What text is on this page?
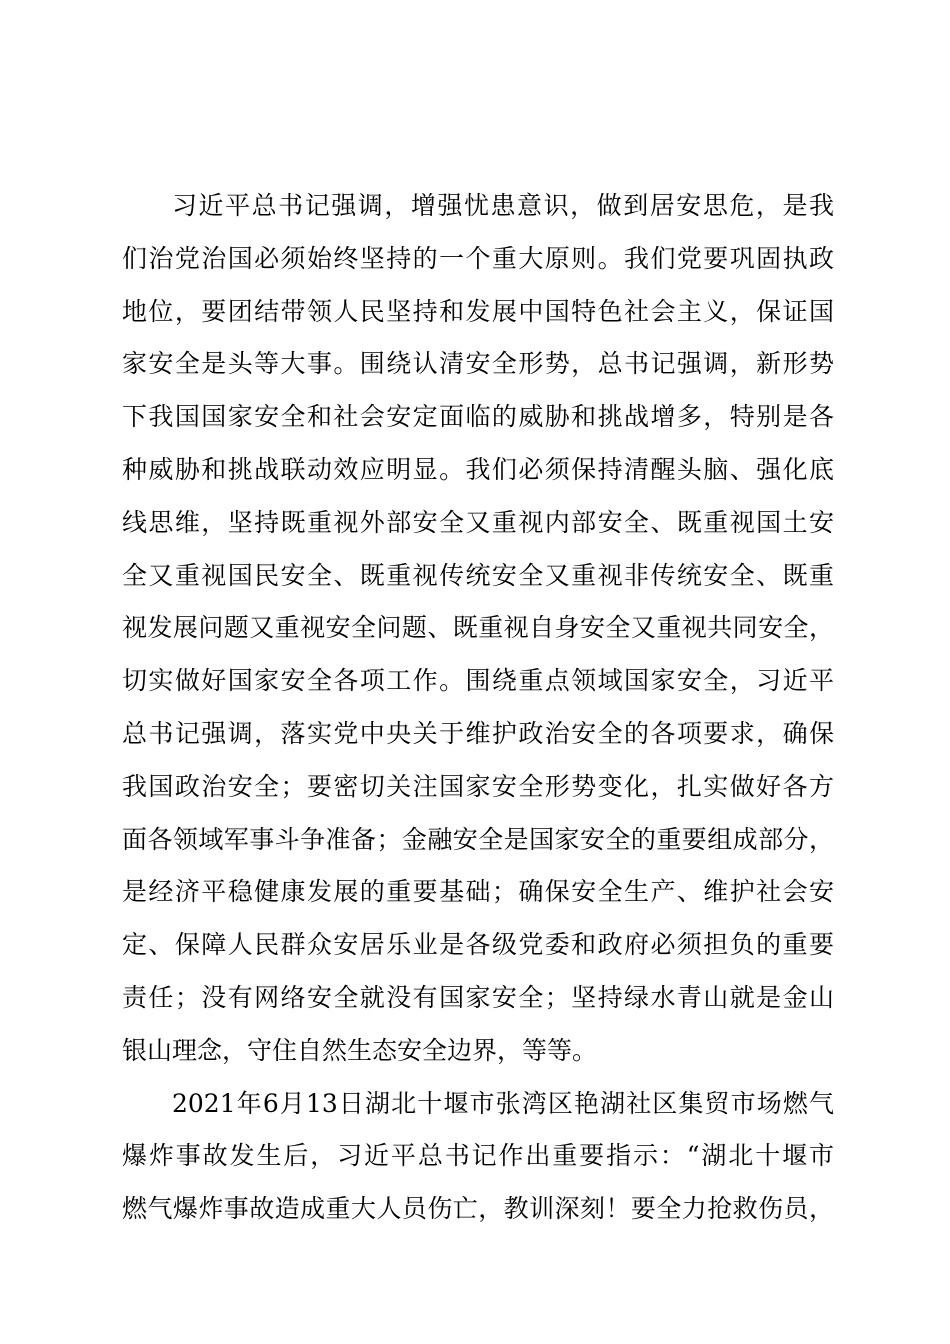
习近平总书记强调，增强忧患意识，做到居安思危，是我
们治党治国必须始终坚持的一个重大原则。我们党要巩固执政
地位，要团结带领人民坚持和发展中国特色社会主义，保证国
家安全是头等大事。围绕认清安全形势，总书记强调，新形势
下我国国家安全和社会安定面临的威胁和挑战增多，特别是各
种威胁和挑战联动效应明显。我们必须保持清醒头脑、强化底
线思维，坚持既重视外部安全又重视内部安全、既重视国土安
全又重视国民安全、既重视传统安全又重视非传统安全、既重
视发展问题又重视安全问题、既重视自身安全又重视共同安全，
切实做好国家安全各项工作。围绕重点领域国家安全，习近平
总书记强调，落实党中央关于维护政治安全的各项要求，确保
我国政治安全；要密切关注国家安全形势变化，扎实做好各方
面各领域军事斗争准备；金融安全是国家安全的重要组成部分，
是经济平稳健康发展的重要基础；确保安全生产、维护社会安
定、保障人民群众安居乐业是各级党委和政府必须担负的重要
责任；没有网络安全就没有国家安全；坚持绿水青山就是金山
银山理念，守住自然生态安全边界，等等。
2021年6月13日湖北十堰市张湾区艳湖社区集贸市场燃气
爆炸事故发生后，习近平总书记作出重要指示：“湖北十堰市
燃气爆炸事故造成重大人员伤亡，教训深刻！要全力抢救伤员，
